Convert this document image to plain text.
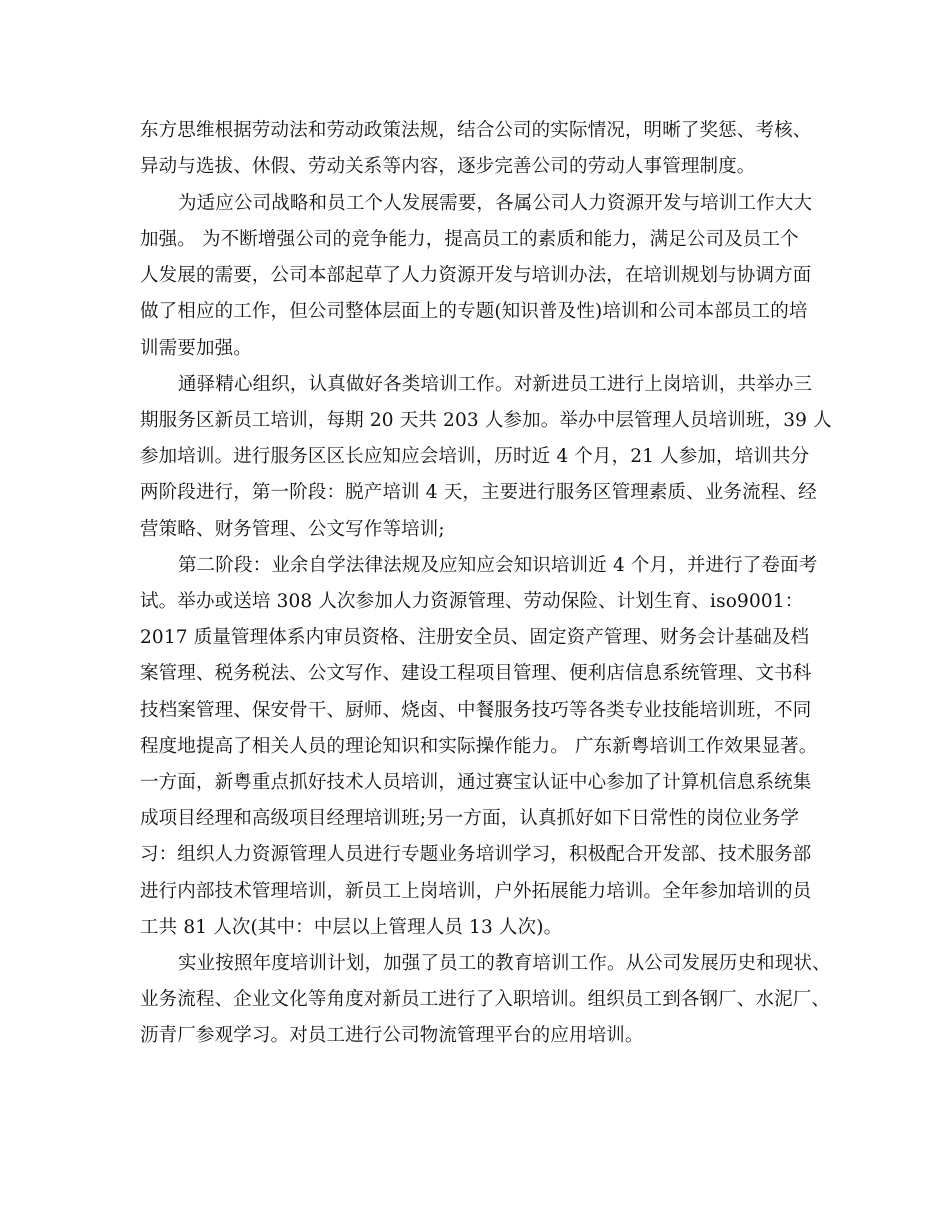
东方思维根据劳动法和劳动政策法规，结合公司的实际情况，明晰了奖惩、考核、
异动与选拔、休假、劳动关系等内容，逐步完善公司的劳动人事管理制度。
为适应公司战略和员工个人发展需要，各属公司人力资源开发与培训工作大大
加强。 为不断增强公司的竞争能力，提高员工的素质和能力，满足公司及员工个
人发展的需要，公司本部起草了人力资源开发与培训办法，在培训规划与协调方面
做了相应的工作，但公司整体层面上的专题(知识普及性)培训和公司本部员工的培
训需要加强。
通驿精心组织，认真做好各类培训工作。对新进员工进行上岗培训，共举办三
期服务区新员工培训，每期 20 天共 203 人参加。举办中层管理人员培训班，39 人
参加培训。进行服务区区长应知应会培训，历时近 4 个月，21 人参加，培训共分
两阶段进行，第一阶段：脱产培训 4 天，主要进行服务区管理素质、业务流程、经
营策略、财务管理、公文写作等培训;
第二阶段：业余自学法律法规及应知应会知识培训近 4 个月，并进行了卷面考
试。举办或送培 308 人次参加人力资源管理、劳动保险、计划生育、iso9001：
2017 质量管理体系内审员资格、注册安全员、固定资产管理、财务会计基础及档
案管理、税务税法、公文写作、建设工程项目管理、便利店信息系统管理、文书科
技档案管理、保安骨干、厨师、烧卤、中餐服务技巧等各类专业技能培训班，不同
程度地提高了相关人员的理论知识和实际操作能力。 广东新粤培训工作效果显著。
一方面，新粤重点抓好技术人员培训，通过赛宝认证中心参加了计算机信息系统集
成项目经理和高级项目经理培训班;另一方面，认真抓好如下日常性的岗位业务学
习：组织人力资源管理人员进行专题业务培训学习，积极配合开发部、技术服务部
进行内部技术管理培训，新员工上岗培训，户外拓展能力培训。全年参加培训的员
工共 81 人次(其中：中层以上管理人员 13 人次)。
实业按照年度培训计划，加强了员工的教育培训工作。从公司发展历史和现状、
业务流程、企业文化等角度对新员工进行了入职培训。组织员工到各钢厂、水泥厂、
沥青厂参观学习。对员工进行公司物流管理平台的应用培训。
